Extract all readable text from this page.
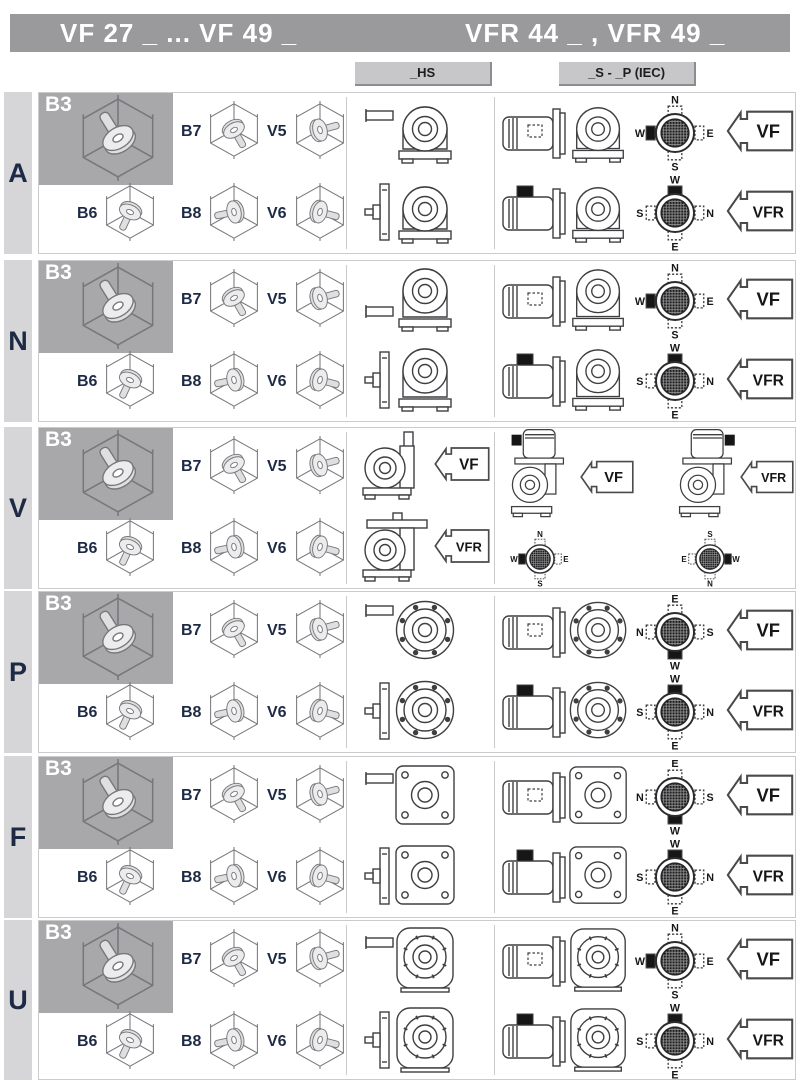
VF 27 _ ... VF 49 _	VFR 44 _ , VFR 49 _
_HS	_S - _P (IEC)
A
B3
B7	V5
B6	B8	V6
N
S
W	E VF
W
E
S	N VFR
N
B3
B7	V5
B6	B8	V6
N
S
W	E VF
W
E
S	N VFR
V
B3
B7	V5
B6	B8	V6
VF
VFR
VF
N
S
W	E
VFR
S
N
E	W
P
B3
B7	V5
B6	B8	V6
E
W
N	S VF
W
E
S	N VFR
F
B3
B7	V5
B6	B8	V6
E
W
N	S VF
W
E
S	N VFR
U
B3
B7	V5
B6	B8	V6
N
S
W	E VF
W
E
S	N VFR
